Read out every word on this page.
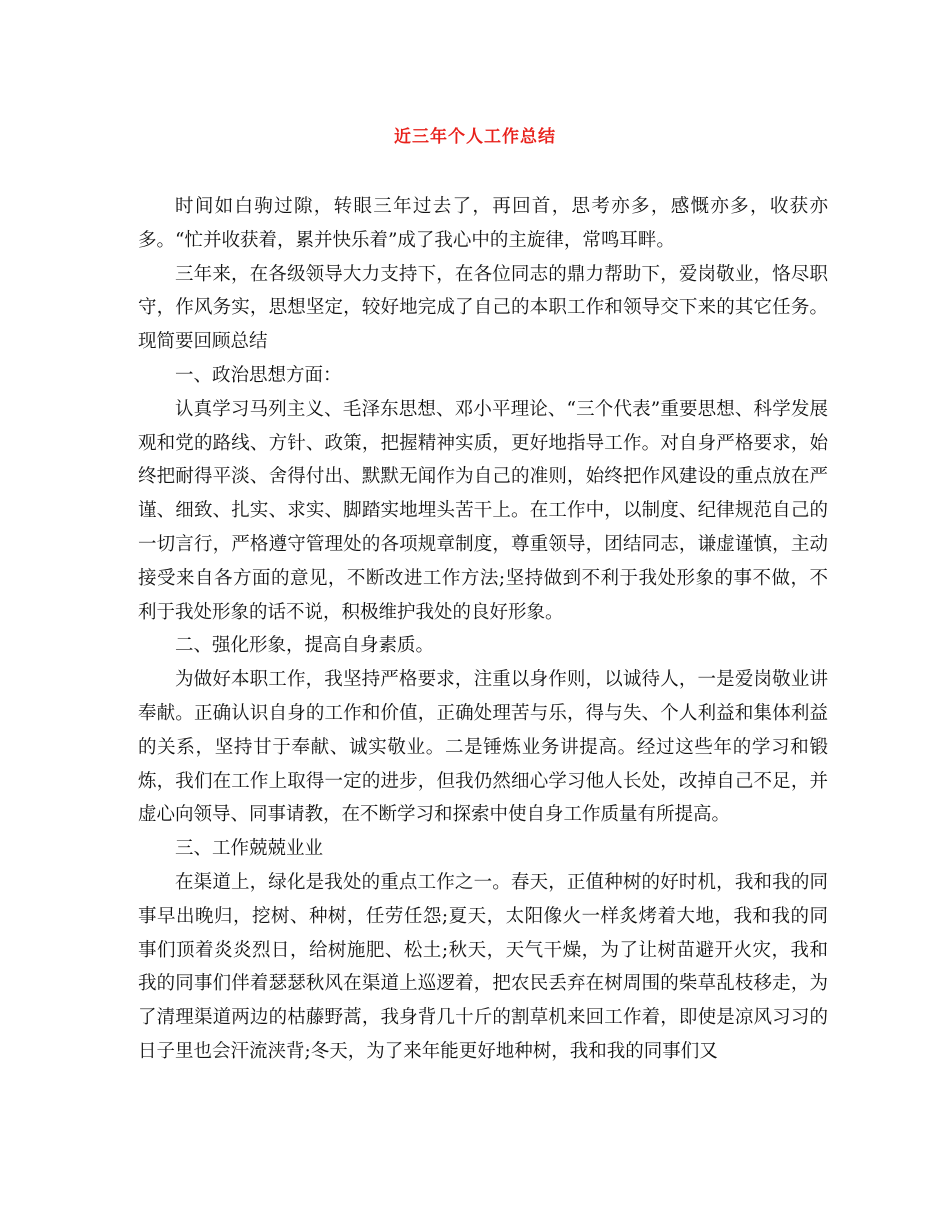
近三年个人工作总结

时间如白驹过隙，转眼三年过去了，再回首，思考亦多，感慨亦多，收获亦多。“忙并收获着，累并快乐着”成了我心中的主旋律，常鸣耳畔。

三年来，在各级领导大力支持下，在各位同志的鼎力帮助下，爱岗敬业，恪尽职守，作风务实，思想坚定，较好地完成了自己的本职工作和领导交下来的其它任务。现简要回顾总结

一、政治思想方面：

认真学习马列主义、毛泽东思想、邓小平理论、“三个代表”重要思想、科学发展观和党的路线、方针、政策，把握精神实质，更好地指导工作。对自身严格要求，始终把耐得平淡、舍得付出、默默无闻作为自己的准则，始终把作风建设的重点放在严谨、细致、扎实、求实、脚踏实地埋头苦干上。在工作中，以制度、纪律规范自己的一切言行，严格遵守管理处的各项规章制度，尊重领导，团结同志，谦虚谨慎，主动接受来自各方面的意见，不断改进工作方法;坚持做到不利于我处形象的事不做，不利于我处形象的话不说，积极维护我处的良好形象。

二、强化形象，提高自身素质。

为做好本职工作，我坚持严格要求，注重以身作则，以诚待人，一是爱岗敬业讲奉献。正确认识自身的工作和价值，正确处理苦与乐，得与失、个人利益和集体利益的关系，坚持甘于奉献、诚实敬业。二是锤炼业务讲提高。经过这些年的学习和锻炼，我们在工作上取得一定的进步，但我仍然细心学习他人长处，改掉自己不足，并虚心向领导、同事请教，在不断学习和探索中使自身工作质量有所提高。

三、工作兢兢业业

在渠道上，绿化是我处的重点工作之一。春天，正值种树的好时机，我和我的同事早出晚归，挖树、种树，任劳任怨;夏天，太阳像火一样炙烤着大地，我和我的同事们顶着炎炎烈日，给树施肥、松土;秋天，天气干燥，为了让树苗避开火灾，我和我的同事们伴着瑟瑟秋风在渠道上巡逻着，把农民丢弃在树周围的柴草乱枝移走，为了清理渠道两边的枯藤野蒿，我身背几十斤的割草机来回工作着，即使是凉风习习的日子里也会汗流浃背;冬天，为了来年能更好地种树，我和我的同事们又
